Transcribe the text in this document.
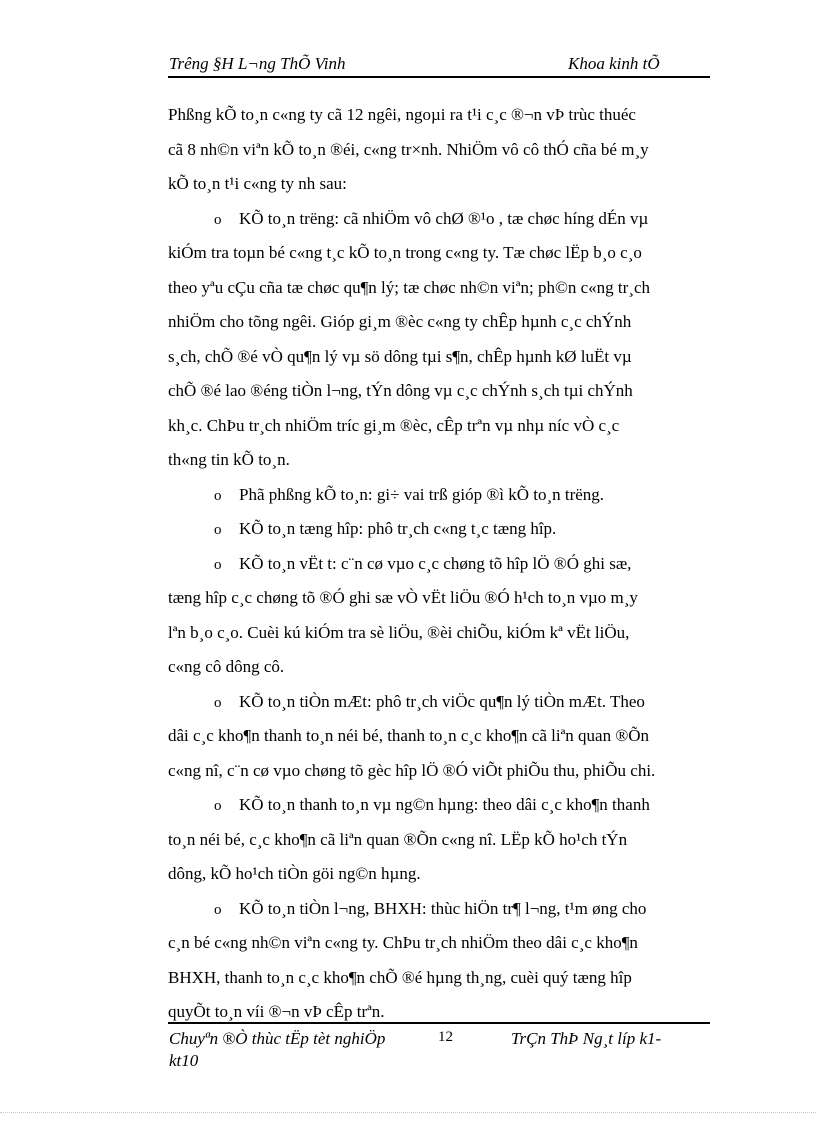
Trêng §H L¬ng ThÕ Vinh	Khoa kinh tÕ
Phßng kÕ to¸n c«ng ty cã 12 ngêi, ngoµi ra t¹i c¸c ®¬n vÞ trùc thuéc
cã 8 nh©n viªn kÕ to¸n ®éi, c«ng tr×nh. NhiÖm vô cô thÓ cña bé m¸y
kÕ to¸n t¹i c«ng ty nh sau:
o KÕ to¸n trëng: cã nhiÖm vô chØ ®¹o , tæ chøc híng dÉn vµ
kiÓm tra toµn bé c«ng t¸c kÕ to¸n trong c«ng ty. Tæ chøc lËp b¸o c¸o
theo yªu cÇu cña tæ chøc qu¶n lý; tæ chøc nh©n viªn; ph©n c«ng tr¸ch
nhiÖm cho tõng ngêi. Gióp gi¸m ®èc c«ng ty chÊp hµnh c¸c chÝnh
s¸ch, chÕ ®é vÒ qu¶n lý vµ sö dông tµi s¶n, chÊp hµnh kØ luËt vµ
chÕ ®é lao ®éng tiÒn l¬ng, tÝn dông vµ c¸c chÝnh s¸ch tµi chÝnh
kh¸c. ChÞu tr¸ch nhiÖm tríc gi¸m ®èc, cÊp trªn vµ nhµ níc vÒ c¸c
th«ng tin kÕ to¸n.
o Phã phßng kÕ to¸n: gi÷ vai trß gióp ®ì kÕ to¸n trëng.
o KÕ to¸n tæng hîp: phô tr¸ch c«ng t¸c tæng hîp.
o KÕ to¸n vËt t: c¨n cø vµo c¸c chøng tõ hîp lÖ ®Ó ghi sæ,
tæng hîp c¸c chøng tõ ®Ó ghi sæ vÒ vËt liÖu ®Ó h¹ch to¸n vµo m¸y
lªn b¸o c¸o. Cuèi kú kiÓm tra sè liÖu, ®èi chiÕu, kiÓm kª vËt liÖu,
c«ng cô dông cô.
o KÕ to¸n tiÒn mÆt: phô tr¸ch viÖc qu¶n lý tiÒn mÆt. Theo
dâi c¸c kho¶n thanh to¸n néi bé, thanh to¸n c¸c kho¶n cã liªn quan ®Õn
c«ng nî, c¨n cø vµo chøng tõ gèc hîp lÖ ®Ó viÕt phiÕu thu, phiÕu chi.
o KÕ to¸n thanh to¸n vµ ng©n hµng: theo dâi c¸c kho¶n thanh
to¸n néi bé, c¸c kho¶n cã liªn quan ®Õn c«ng nî. LËp kÕ ho¹ch tÝn
dông, kÕ ho¹ch tiÒn göi ng©n hµng.
o KÕ to¸n tiÒn l¬ng, BHXH: thùc hiÖn tr¶ l¬ng, t¹m øng cho
c¸n bé c«ng nh©n viªn c«ng ty. ChÞu tr¸ch nhiÖm theo dâi c¸c kho¶n
BHXH, thanh to¸n c¸c kho¶n chÕ ®é hµng th¸ng, cuèi quý tæng hîp
quyÕt to¸n víi ®¬n vÞ cÊp trªn.
Chuyªn ®Ò thùc tËp tèt nghiÖp
kt10
12	TrÇn ThÞ Ng¸t líp k1-
